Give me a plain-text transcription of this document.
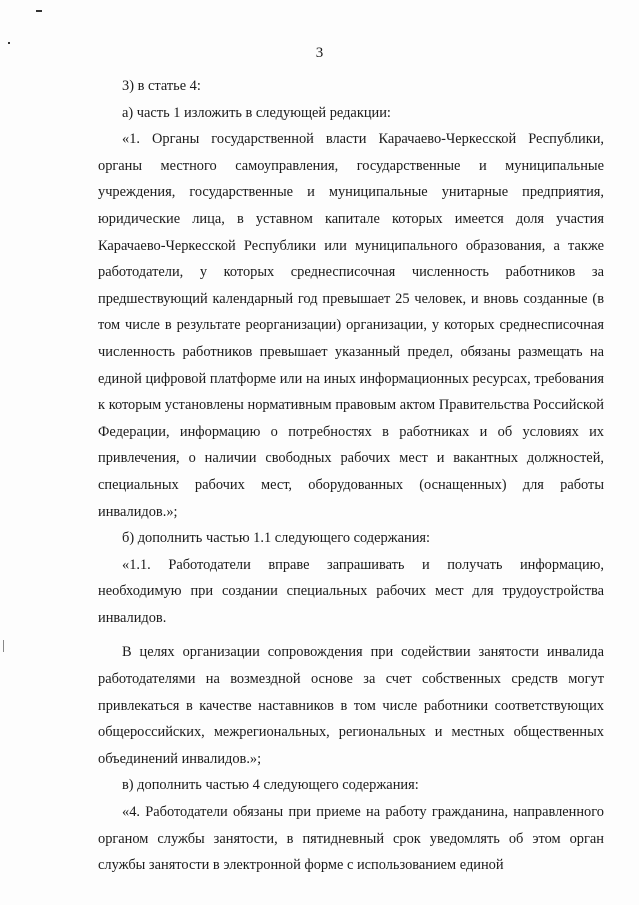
3

3) в статье 4:

а) часть 1 изложить в следующей редакции:

«1. Органы государственной власти Карачаево-Черкесской Республики, органы местного самоуправления, государственные и муниципальные учреждения, государственные и муниципальные унитарные предприятия, юридические лица, в уставном капитале которых имеется доля участия Карачаево-Черкесской Республики или муниципального образования, а также работодатели, у которых среднесписочная численность работников за предшествующий календарный год превышает 25 человек, и вновь созданные (в том числе в результате реорганизации) организации, у которых среднесписочная численность работников превышает указанный предел, обязаны размещать на единой цифровой платформе или на иных информационных ресурсах, требования к которым установлены нормативным правовым актом Правительства Российской Федерации, информацию о потребностях в работниках и об условиях их привлечения, о наличии свободных рабочих мест и вакантных должностей, специальных рабочих мест, оборудованных (оснащенных) для работы инвалидов.»;

б) дополнить частью 1.1 следующего содержания:

«1.1. Работодатели вправе запрашивать и получать информацию, необходимую при создании специальных рабочих мест для трудоустройства инвалидов.

В целях организации сопровождения при содействии занятости инвалида работодателями на возмездной основе за счет собственных средств могут привлекаться в качестве наставников в том числе работники соответствующих общероссийских, межрегиональных, региональных и местных общественных объединений инвалидов.»;

в) дополнить частью 4 следующего содержания:

«4. Работодатели обязаны при приеме на работу гражданина, направленного органом службы занятости, в пятидневный срок уведомлять об этом орган службы занятости в электронной форме с использованием единой
